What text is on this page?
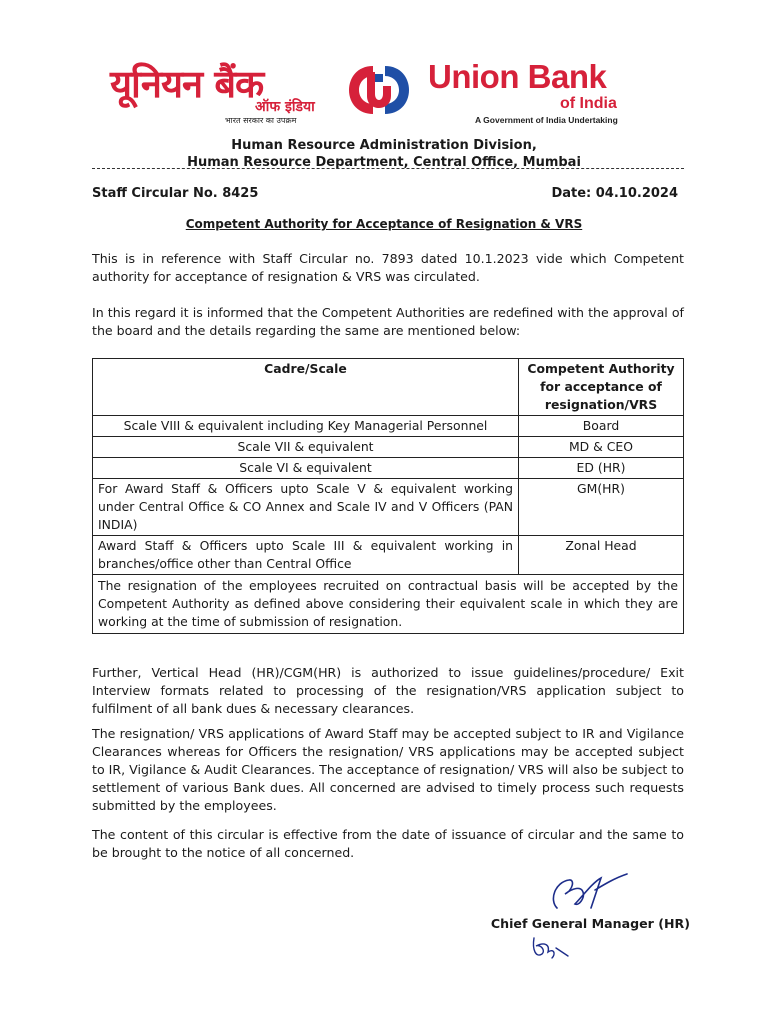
यूनियन बैंक
ऑफ इंडिया
भारत सरकार का उपक्रम
Union Bank
of India
A Government of India Undertaking
Human Resource Administration Division,
Human Resource Department, Central Office, Mumbai
Staff Circular No. 8425	Date: 04.10.2024
Competent Authority for Acceptance of Resignation & VRS
This is in reference with Staff Circular no. 7893 dated 10.1.2023 vide which Competent authority for acceptance of resignation & VRS was circulated.
In this regard it is informed that the Competent Authorities are redefined with the approval of the board and the details regarding the same are mentioned below:
Cadre/Scale	Competent Authority for acceptance of resignation/VRS
Scale VIII & equivalent including Key Managerial Personnel	Board
Scale VII & equivalent	MD & CEO
Scale VI & equivalent	ED (HR)
For Award Staff & Officers upto Scale V & equivalent working under Central Office & CO Annex and Scale IV and V Officers (PAN INDIA)	GM(HR)
Award Staff & Officers upto Scale III & equivalent working in branches/office other than Central Office	Zonal Head
The resignation of the employees recruited on contractual basis will be accepted by the Competent Authority as defined above considering their equivalent scale in which they are working at the time of submission of resignation.	
Further, Vertical Head (HR)/CGM(HR) is authorized to issue guidelines/procedure/ Exit Interview formats related to processing of the resignation/VRS application subject to fulfilment of all bank dues & necessary clearances.
The resignation/ VRS applications of Award Staff may be accepted subject to IR and Vigilance Clearances whereas for Officers the resignation/ VRS applications may be accepted subject to IR, Vigilance & Audit Clearances. The acceptance of resignation/ VRS will also be subject to settlement of various Bank dues. All concerned are advised to timely process such requests submitted by the employees.
The content of this circular is effective from the date of issuance of circular and the same to be brought to the notice of all concerned.
Chief General Manager (HR)
